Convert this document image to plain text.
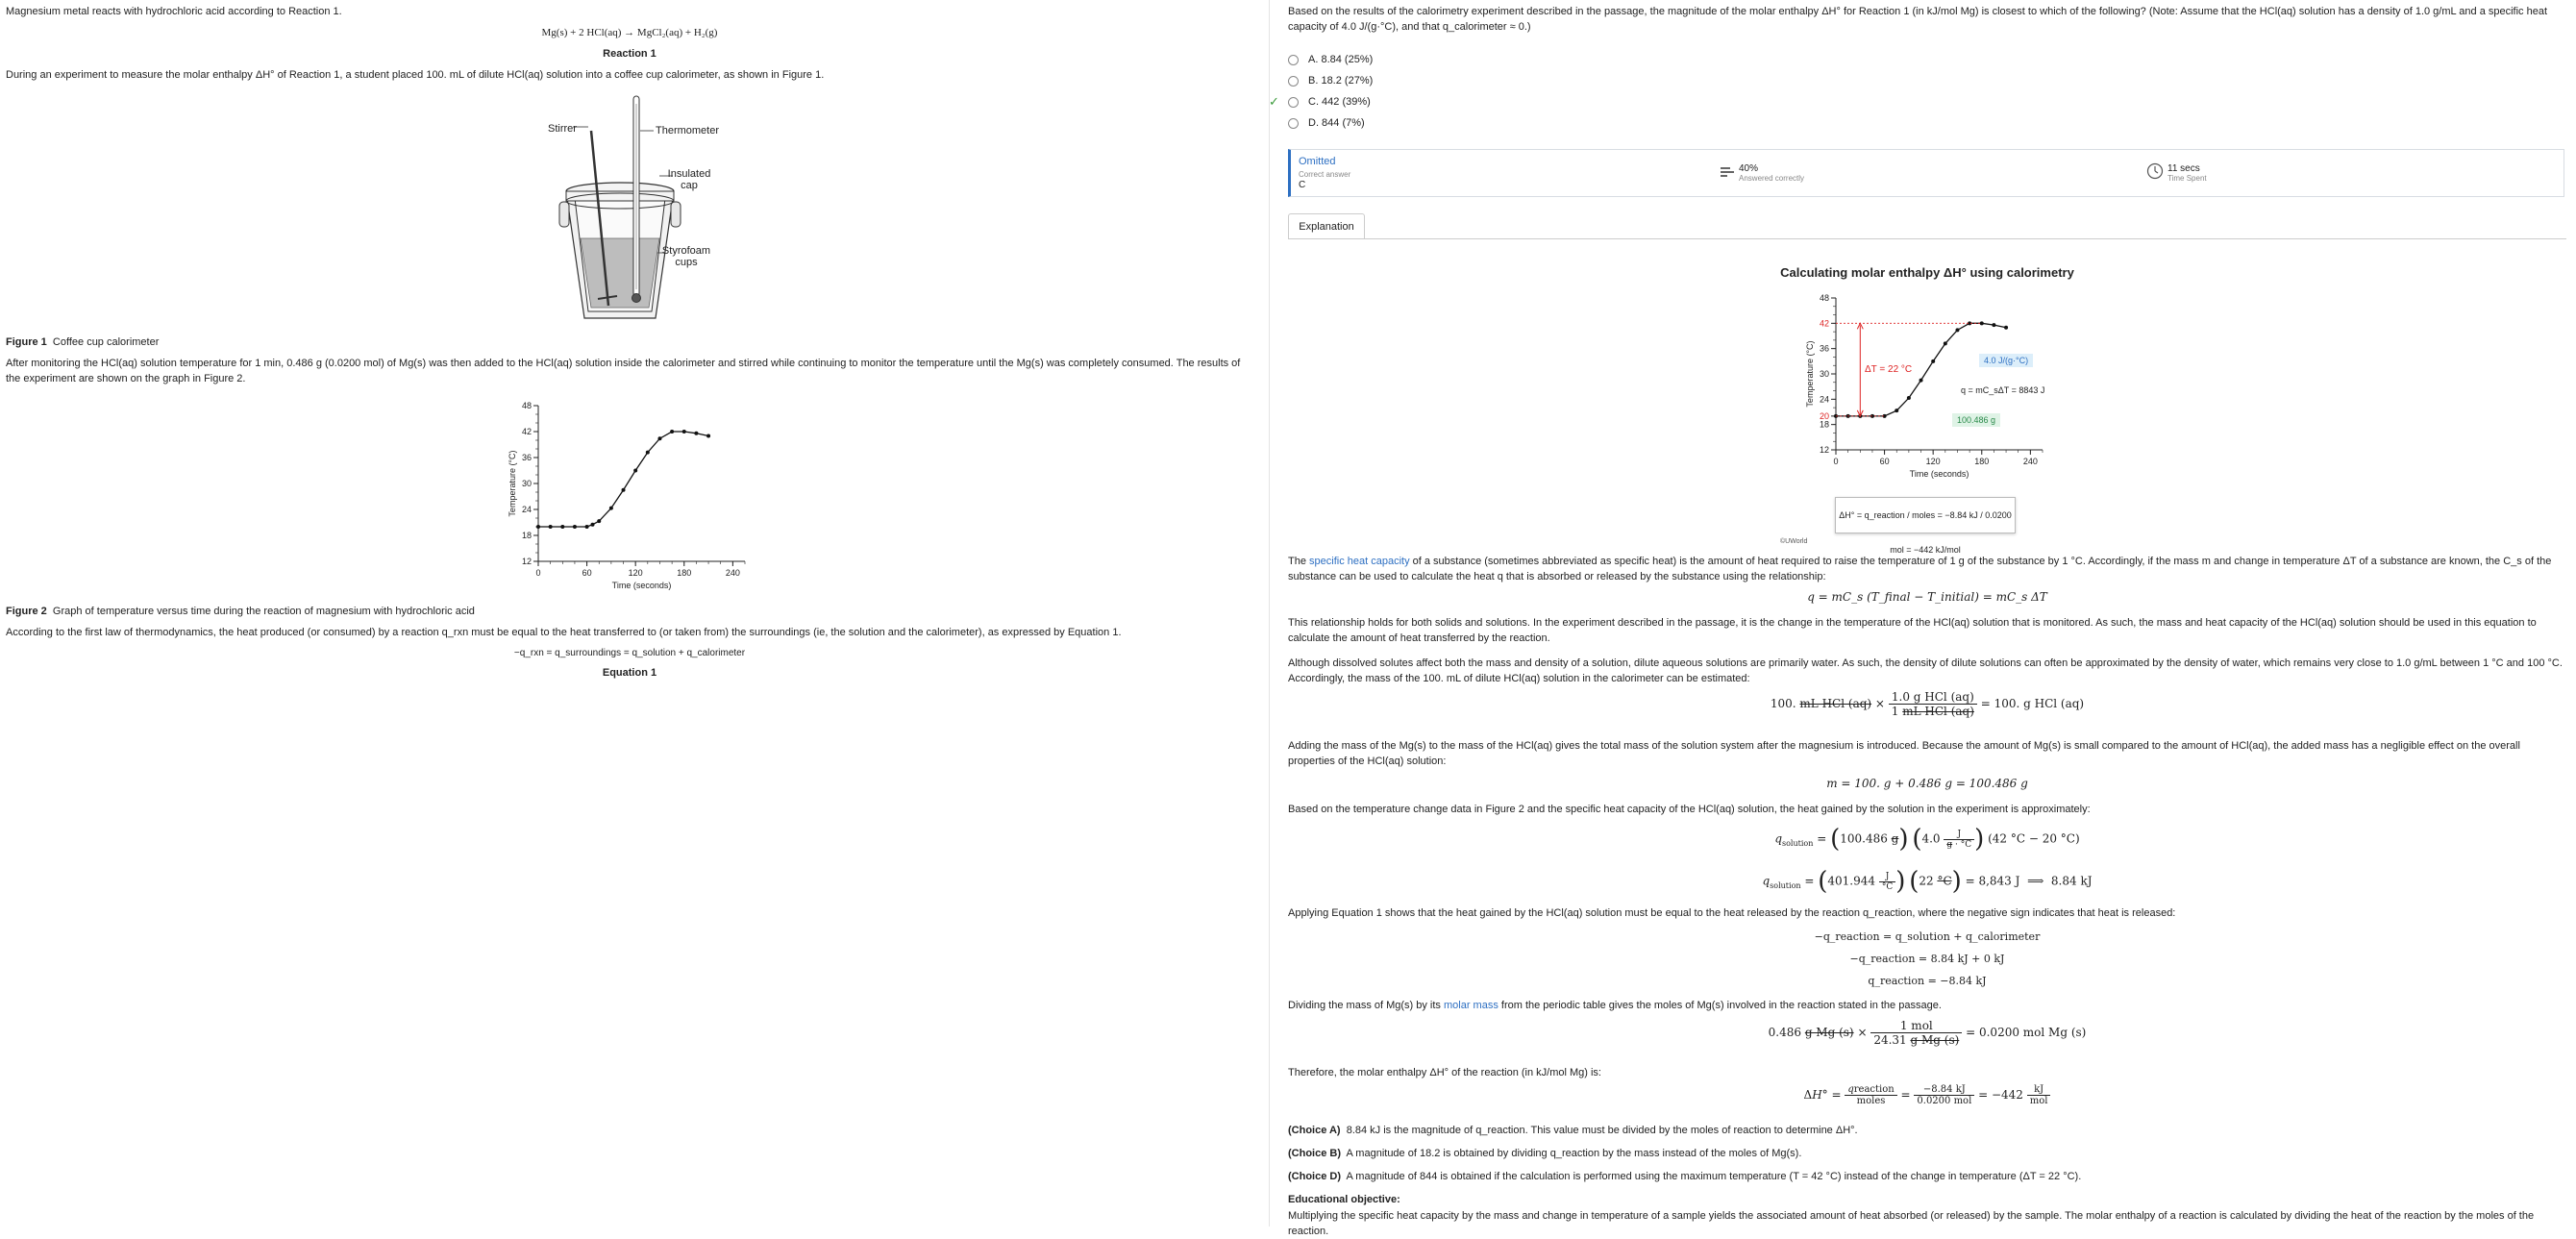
Magnesium metal reacts with hydrochloric acid according to Reaction 1.
Mg(s) + 2 HCl(aq) → MgCl₂(aq) + H₂(g)
Reaction 1
During an experiment to measure the molar enthalpy ΔH° of Reaction 1, a student placed 100. mL of dilute HCl(aq) solution into a coffee cup calorimeter, as shown in Figure 1.
Stirrer	Thermometer
Insulated
cap
Styrofoam
cups
Figure 1 Coffee cup calorimeter
After monitoring the HCl(aq) solution temperature for 1 min, 0.486 g (0.0200 mol) of Mg(s) was then added to the HCl(aq) solution inside the calorimeter and stirred while continuing to monitor the temperature until the Mg(s) was completely consumed. The results of the experiment are shown on the graph in Figure 2.
12
18
24
30
36
42
48
0	60	120	180	240
Time (seconds)
Temperature (°C)
Figure 2 Graph of temperature versus time during the reaction of magnesium with hydrochloric acid
According to the first law of thermodynamics, the heat produced (or consumed) by a reaction q_rxn must be equal to the heat transferred to (or taken from) the surroundings (ie, the solution and the calorimeter), as expressed by Equation 1.
−q_rxn = q_surroundings = q_solution + q_calorimeter
Equation 1
Based on the results of the calorimetry experiment described in the passage, the magnitude of the molar enthalpy ΔH° for Reaction 1 (in kJ/mol Mg) is closest to which of the following? (Note: Assume that the HCl(aq) solution has a density of 1.0 g/mL and a specific heat capacity of 4.0 J/(g·°C), and that q_calorimeter ≈ 0.)
A. 8.84 (25%)
B. 18.2 (27%)
✓	C. 442 (39%)
D. 844 (7%)
Omitted
Correct answer
C
40%
Answered correctly
11 secs
Time Spent
Explanation
Calculating molar enthalpy ΔH° using calorimetry
12
18
20
24
30
36
42
48
0	60	120	180	240
Time (seconds)
Temperature (°C)	ΔT = 22 °C
4.0 J/(g·°C)
q = mC_sΔT = 8843 J
100.486 g
ΔH° = q_reaction / moles = −8.84 kJ / 0.0200 mol = −442 kJ/mol
©UWorld
The specific heat capacity of a substance (sometimes abbreviated as specific heat) is the amount of heat required to raise the temperature of 1 g of the substance by 1 °C. Accordingly, if the mass m and change in temperature ΔT of a substance are known, the C_s of the substance can be used to calculate the heat q that is absorbed or released by the substance using the relationship:
q = mC_s (T_final − T_initial) = mC_s ΔT
This relationship holds for both solids and solutions. In the experiment described in the passage, it is the change in the temperature of the HCl(aq) solution that is monitored. As such, the mass and heat capacity of the HCl(aq) solution should be used in this equation to calculate the amount of heat transferred by the reaction.
Although dissolved solutes affect both the mass and density of a solution, dilute aqueous solutions are primarily water. As such, the density of dilute solutions can often be approximated by the density of water, which remains very close to 1.0 g/mL between 1 °C and 100 °C. Accordingly, the mass of the 100. mL of dilute HCl(aq) solution in the calorimeter can be estimated:
100. mL HCl $(aq) \times \frac{\text{1.0 g HCl (aq)}}{\text{1 mL HCl (aq)}} = 100$. g HCl (aq)
Adding the mass of the Mg(s) to the mass of the HCl(aq) gives the total mass of the solution system after the magnesium is introduced. Because the amount of Mg(s) is small compared to the amount of HCl(aq), the added mass has a negligible effect on the overall properties of the HCl(aq) solution:
m = 100. g + 0.486 g = 100.486 g
Based on the temperature change data in Figure 2 and the specific heat capacity of the HCl(aq) solution, the heat gained by the solution in the experiment is approximately:
$q_{solution} = (100.486$ g) ($4.0 \frac{J}{g \cdot ^\circ C}$ ) (42 °C − 20 °C)
$q_{solution} = (401.944 \frac{J}{^\circ C}$ ) (22 °C) = 8,843 J  ⟹  8.84 kJ
Applying Equation 1 shows that the heat gained by the HCl(aq) solution must be equal to the heat released by the reaction q_reaction, where the negative sign indicates that heat is released:
−q_reaction = q_solution + q_calorimeter
−q_reaction = 8.84 kJ + 0 kJ
q_reaction = −8.84 kJ
Dividing the mass of Mg(s) by its molar mass from the periodic table gives the moles of Mg(s) involved in the reaction stated in the passage.
0.486 g Mg $(s) \times \frac{\text{1 mol}}{\text{24.31 g Mg (s)}} = 0.0200$ mol Mg (s)
Therefore, the molar enthalpy ΔH° of the reaction (in kJ/mol Mg) is:
$\Delta H^\circ = \frac{\text{qreaction}}{\text{moles}} = \frac{-8.84 kJ}{\text{0.0200 mol}} = -442 \frac{kJ}{\text{mol}}$
(Choice A) 8.84 kJ is the magnitude of q_reaction. This value must be divided by the moles of reaction to determine ΔH°.
(Choice B) A magnitude of 18.2 is obtained by dividing q_reaction by the mass instead of the moles of Mg(s).
(Choice D) A magnitude of 844 is obtained if the calculation is performed using the maximum temperature (T = 42 °C) instead of the change in temperature (ΔT = 22 °C).
Educational objective:
Multiplying the specific heat capacity by the mass and change in temperature of a sample yields the associated amount of heat absorbed (or released) by the sample. The molar enthalpy of a reaction is calculated by dividing the heat of the reaction by the moles of the reaction.
